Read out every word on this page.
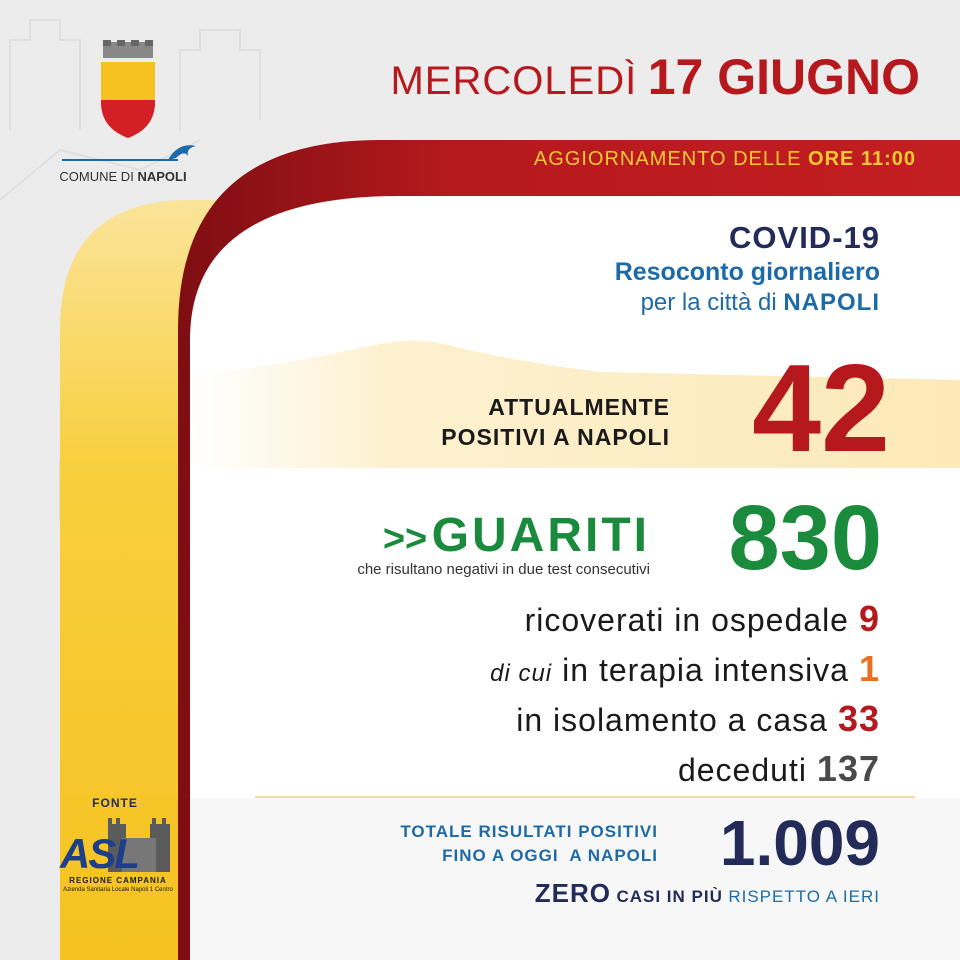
COMUNE DI NAPOLI
MERCOLEDÌ 17 GIUGNO
AGGIORNAMENTO DELLE ORE 11:00
COVID-19
Resoconto giornaliero
per la città di NAPOLI
ATTUALMENTE
POSITIVI A NAPOLI 42
>> GUARITI
che risultano negativi in due test consecutivi 830
ricoverati in ospedale 9
di cui in terapia intensiva 1
in isolamento a casa 33
deceduti 137
TOTALE RISULTATI POSITIVI
FINO A OGGI  A NAPOLI 1.009
ZERO CASI IN PIÙ RISPETTO A IERI
FONTE
ASL
REGIONE CAMPANIA
Azienda Sanitaria Locale Napoli 1 Centro
